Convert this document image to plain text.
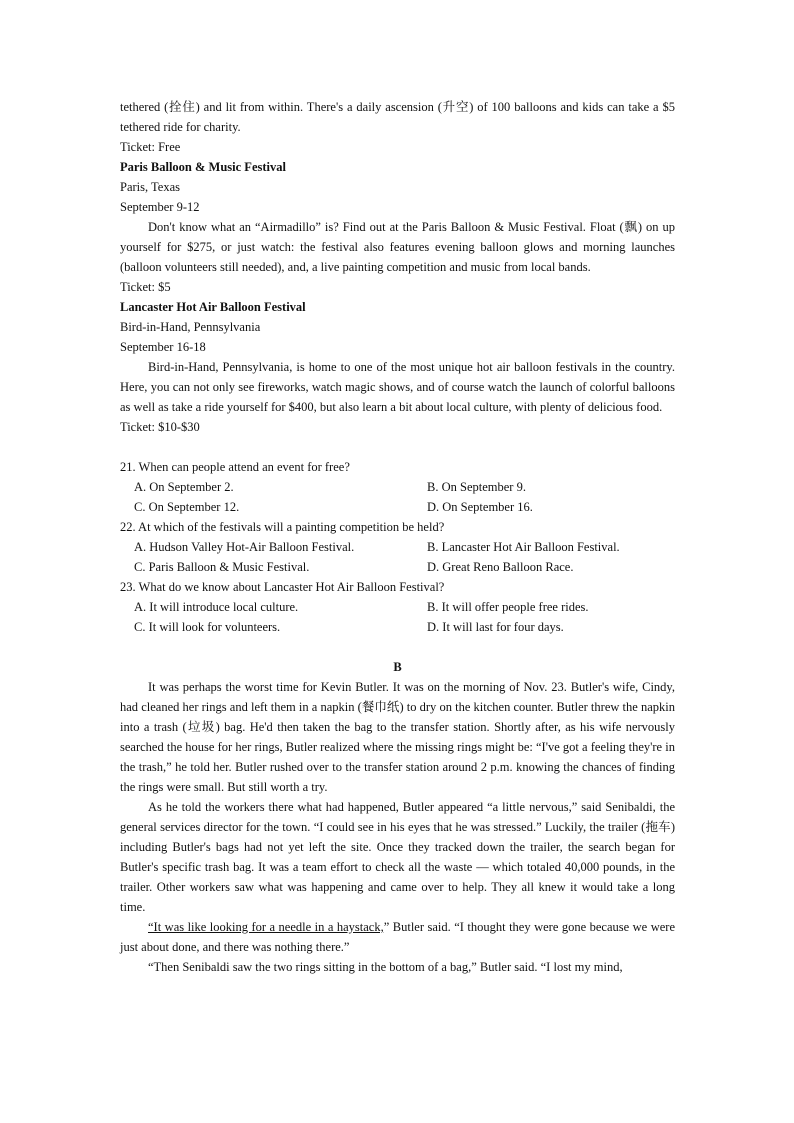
tethered (拴住) and lit from within. There's a daily ascension (升空) of 100 balloons and kids can take a $5 tethered ride for charity.

Ticket: Free

Paris Balloon & Music Festival

Paris, Texas

September 9-12

Don't know what an “Airmadillo” is? Find out at the Paris Balloon & Music Festival. Float (飘) on up yourself for $275, or just watch: the festival also features evening balloon glows and morning launches (balloon volunteers still needed), and, a live painting competition and music from local bands.

Ticket: $5

Lancaster Hot Air Balloon Festival

Bird-in-Hand, Pennsylvania

September 16-18

Bird-in-Hand, Pennsylvania, is home to one of the most unique hot air balloon festivals in the country. Here, you can not only see fireworks, watch magic shows, and of course watch the launch of colorful balloons as well as take a ride yourself for $400, but also learn a bit about local culture, with plenty of delicious food.

Ticket: $10-$30

21. When can people attend an event for free?

A. On September 2.	B. On September 9.
C. On September 12.	D. On September 16.

22. At which of the festivals will a painting competition be held?

A. Hudson Valley Hot-Air Balloon Festival.	B. Lancaster Hot Air Balloon Festival.
C. Paris Balloon & Music Festival.	D. Great Reno Balloon Race.

23. What do we know about Lancaster Hot Air Balloon Festival?

A. It will introduce local culture.	B. It will offer people free rides.
C. It will look for volunteers.	D. It will last for four days.

B

It was perhaps the worst time for Kevin Butler. It was on the morning of Nov. 23. Butler's wife, Cindy, had cleaned her rings and left them in a napkin (餐巾纸) to dry on the kitchen counter. Butler threw the napkin into a trash (垃圾) bag. He'd then taken the bag to the transfer station. Shortly after, as his wife nervously searched the house for her rings, Butler realized where the missing rings might be: “I've got a feeling they're in the trash,” he told her. Butler rushed over to the transfer station around 2 p.m. knowing the chances of finding the rings were small. But still worth a try.

As he told the workers there what had happened, Butler appeared “a little nervous,” said Senibaldi, the general services director for the town. “I could see in his eyes that he was stressed.” Luckily, the trailer (拖车) including Butler's bags had not yet left the site. Once they tracked down the trailer, the search began for Butler's specific trash bag. It was a team effort to check all the waste — which totaled 40,000 pounds, in the trailer. Other workers saw what was happening and came over to help. They all knew it would take a long time.

“It was like looking for a needle in a haystack,” Butler said. “I thought they were gone because we were just about done, and there was nothing there.”

“Then Senibaldi saw the two rings sitting in the bottom of a bag,” Butler said. “I lost my mind,
